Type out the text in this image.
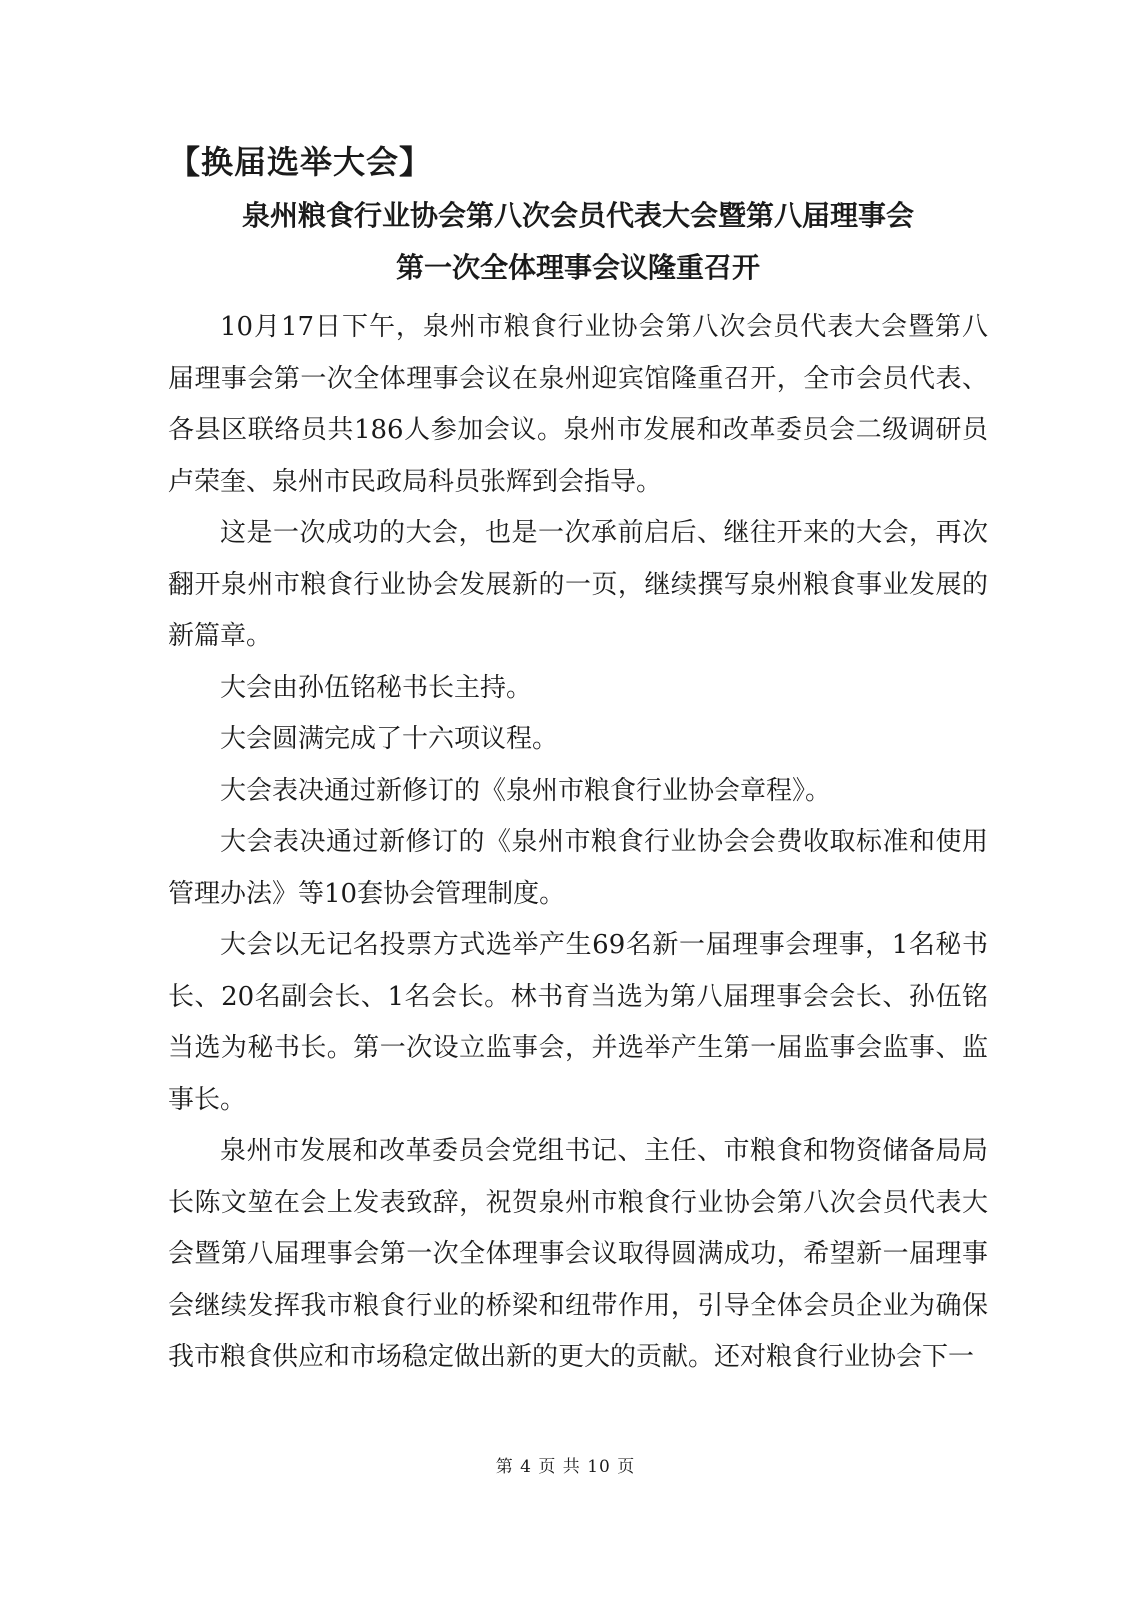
【换届选举大会】
泉州粮食行业协会第八次会员代表大会暨第八届理事会
第一次全体理事会议隆重召开

10月17日下午，泉州市粮食行业协会第八次会员代表大会暨第八届理事会第一次全体理事会议在泉州迎宾馆隆重召开，全市会员代表、各县区联络员共186人参加会议。泉州市发展和改革委员会二级调研员卢荣奎、泉州市民政局科员张辉到会指导。

这是一次成功的大会，也是一次承前启后、继往开来的大会，再次翻开泉州市粮食行业协会发展新的一页，继续撰写泉州粮食事业发展的新篇章。

大会由孙伍铭秘书长主持。

大会圆满完成了十六项议程。

大会表决通过新修订的《泉州市粮食行业协会章程》。

大会表决通过新修订的《泉州市粮食行业协会会费收取标准和使用管理办法》等10套协会管理制度。

大会以无记名投票方式选举产生69名新一届理事会理事，1名秘书长、20名副会长、1名会长。林书育当选为第八届理事会会长、孙伍铭当选为秘书长。第一次设立监事会，并选举产生第一届监事会监事、监事长。

泉州市发展和改革委员会党组书记、主任、市粮食和物资储备局局长陈文堃在会上发表致辞，祝贺泉州市粮食行业协会第八次会员代表大会暨第八届理事会第一次全体理事会议取得圆满成功，希望新一届理事会继续发挥我市粮食行业的桥梁和纽带作用，引导全体会员企业为确保我市粮食供应和市场稳定做出新的更大的贡献。还对粮食行业协会下一

第 4 页 共 10 页
